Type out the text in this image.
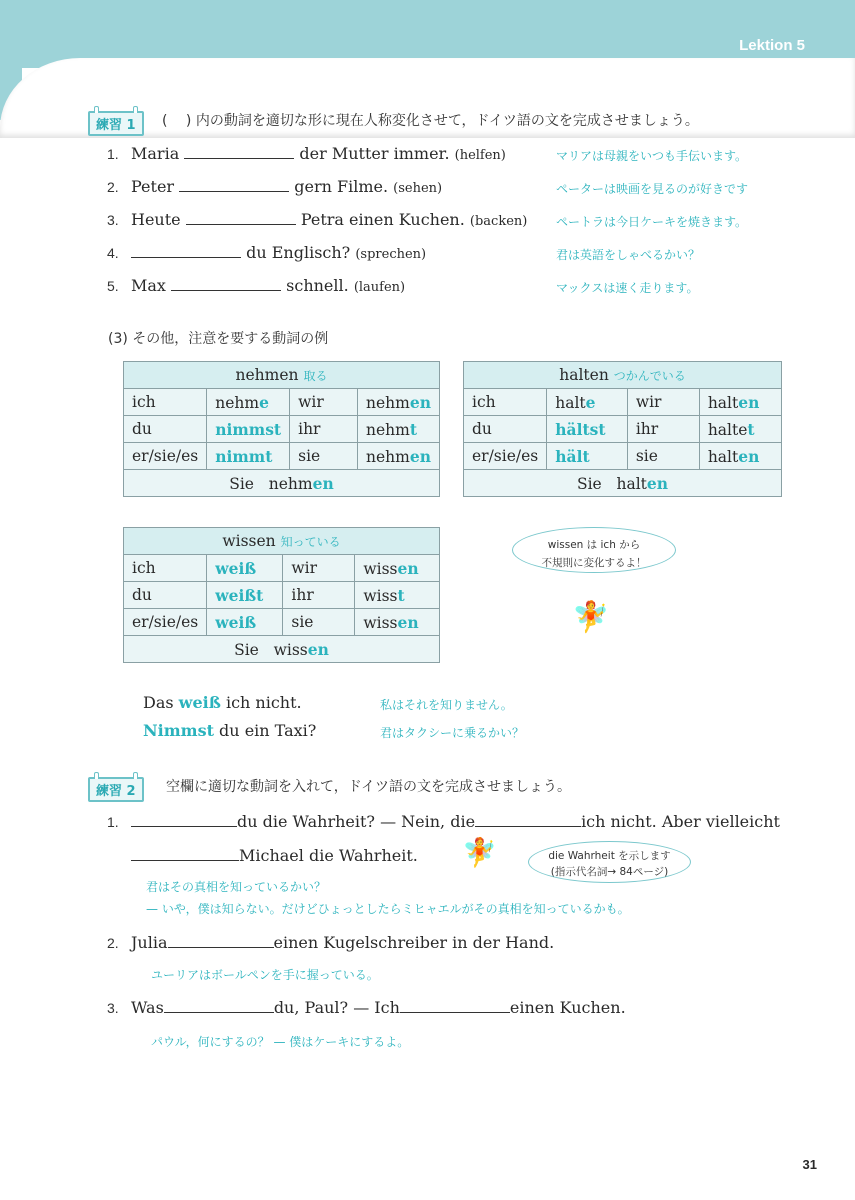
Lektion 5
練習 1	(　 ) 内の動詞を適切な形に現在人称変化させて，ドイツ語の文を完成させましょう。
1. Maria	der Mutter immer. (helfen)	マリアは母親をいつも手伝います。
2. Peter	gern Filme. (sehen)	ペーターは映画を見るのが好きです
3. Heute	Petra einen Kuchen. (backen) ペートラは今日ケーキを焼きます。
4.	du Englisch? (sprechen)	君は英語をしゃべるかい？
5. Max	schnell. (laufen)	マックスは速く走ります。
(3) その他，注意を要する動詞の例
nehmen 取る			
ich	nehme	wir	nehmen
du	nimmst	ihr	nehmt
er/sie/es	nimmt	sie	nehmen
Sie nehmen			
halten つかんでいる			
ich	halte	wir	halten
du	hältst	ihr	haltet
er/sie/es	hält	sie	halten
Sie halten			
wissen 知っている			
ich	weiß	wir	wissen
du	weißt	ihr	wisst
er/sie/es	weiß	sie	wissen
Sie wissen			
wissen は ich から
不規則に変化するよ！
🧚
Das weiß ich nicht.	私はそれを知りません。
Nimmst du ein Taxi?	君はタクシーに乗るかい？
練習 2	空欄に適切な動詞を入れて，ドイツ語の文を完成させましょう。
1.	du die Wahrheit? — Nein, die	ich nicht. Aber vielleicht
Michael die Wahrheit.
君はその真相を知っているかい？
— いや，僕は知らない。だけどひょっとしたらミヒャエルがその真相を知っているかも。
🧚	die Wahrheit を示します
(指示代名詞→ 84ページ)
2. Julia	einen Kugelschreiber in der Hand.
ユーリアはボールペンを手に握っている。
3. Was	du, Paul? — Ich	einen Kuchen.
パウル，何にするの？ — 僕はケーキにするよ。
31
